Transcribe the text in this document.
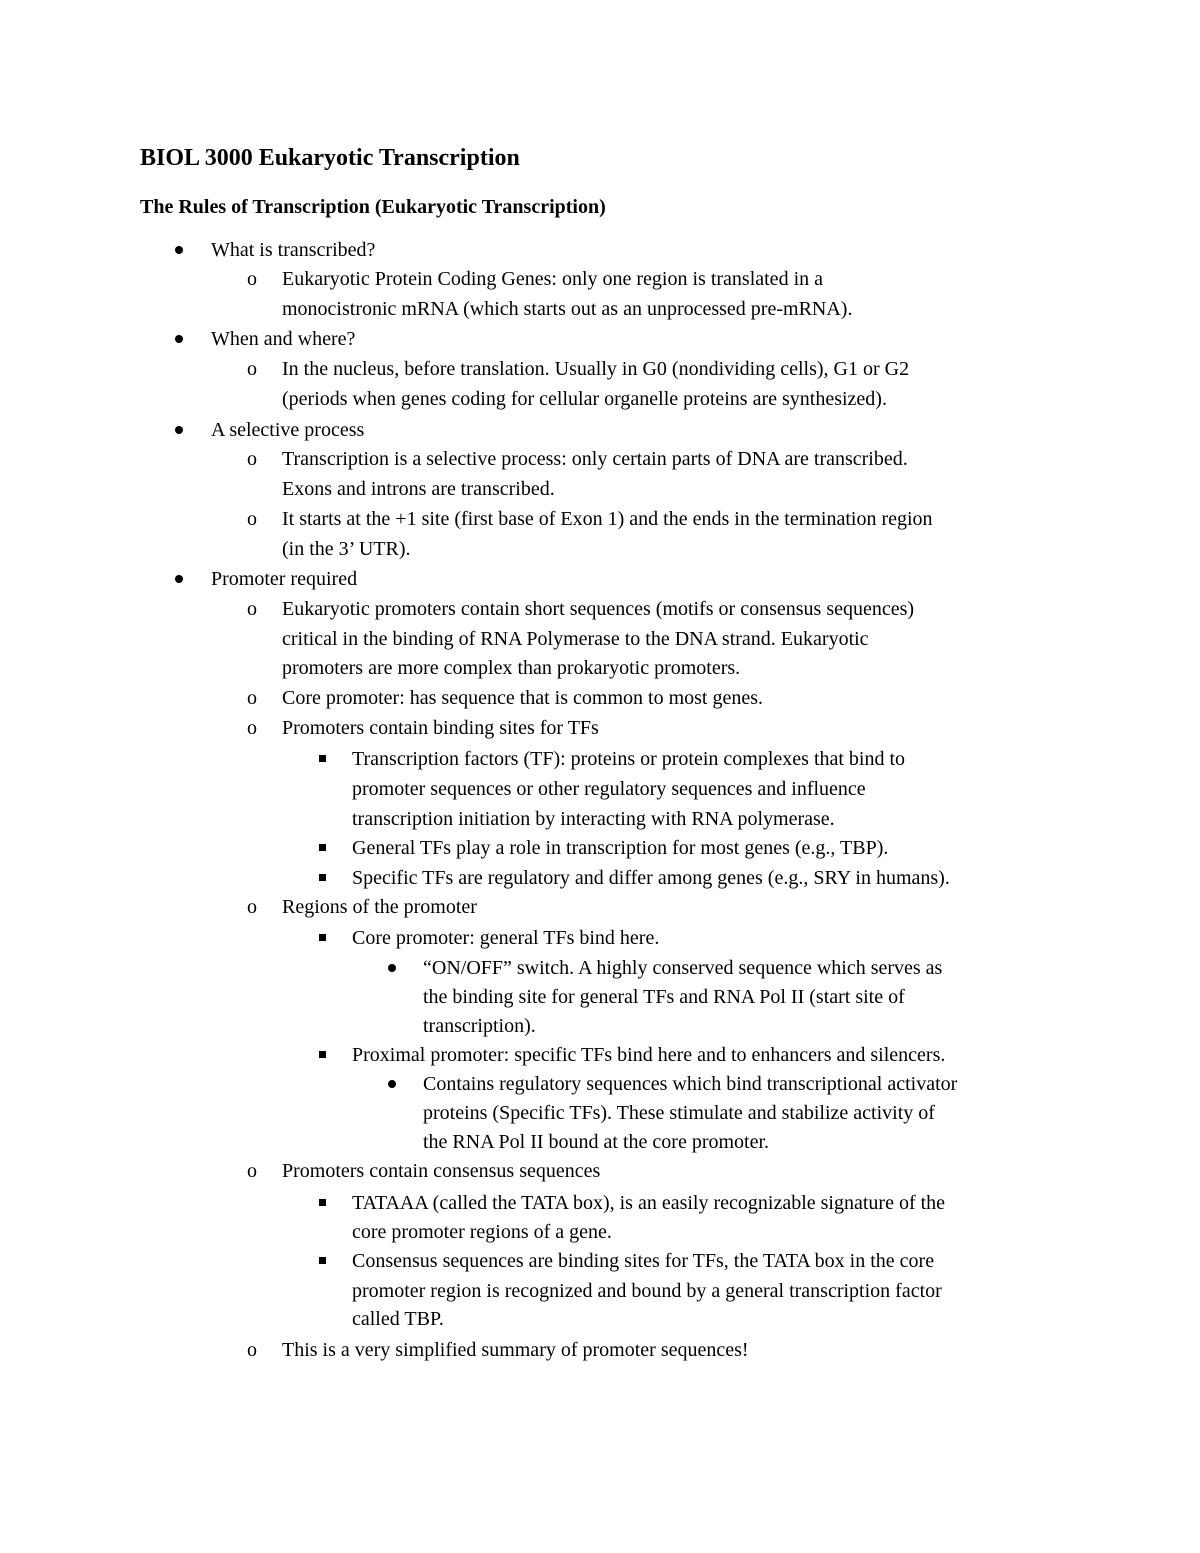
BIOL 3000 Eukaryotic Transcription
The Rules of Transcription (Eukaryotic Transcription)

What is transcribed?

o Eukaryotic Protein Coding Genes: only one region is translated in a

monocistronic mRNA (which starts out as an unprocessed pre-mRNA).

When and where?

o In the nucleus, before translation. Usually in G0 (nondividing cells), G1 or G2

(periods when genes coding for cellular organelle proteins are synthesized).

A selective process

o Transcription is a selective process: only certain parts of DNA are transcribed.

Exons and introns are transcribed.

o It starts at the +1 site (first base of Exon 1) and the ends in the termination region

(in the 3’ UTR).

Promoter required

o Eukaryotic promoters contain short sequences (motifs or consensus sequences)

critical in the binding of RNA Polymerase to the DNA strand. Eukaryotic

promoters are more complex than prokaryotic promoters.

o Core promoter: has sequence that is common to most genes.

o Promoters contain binding sites for TFs

Transcription factors (TF): proteins or protein complexes that bind to

promoter sequences or other regulatory sequences and influence

transcription initiation by interacting with RNA polymerase.

General TFs play a role in transcription for most genes (e.g., TBP).

Specific TFs are regulatory and differ among genes (e.g., SRY in humans).

o Regions of the promoter

Core promoter: general TFs bind here.

“ON/OFF” switch. A highly conserved sequence which serves as

the binding site for general TFs and RNA Pol II (start site of

transcription).

Proximal promoter: specific TFs bind here and to enhancers and silencers.

Contains regulatory sequences which bind transcriptional activator

proteins (Specific TFs). These stimulate and stabilize activity of

the RNA Pol II bound at the core promoter.

o Promoters contain consensus sequences

TATAAA (called the TATA box), is an easily recognizable signature of the

core promoter regions of a gene.

Consensus sequences are binding sites for TFs, the TATA box in the core

promoter region is recognized and bound by a general transcription factor

called TBP.

o This is a very simplified summary of promoter sequences!
